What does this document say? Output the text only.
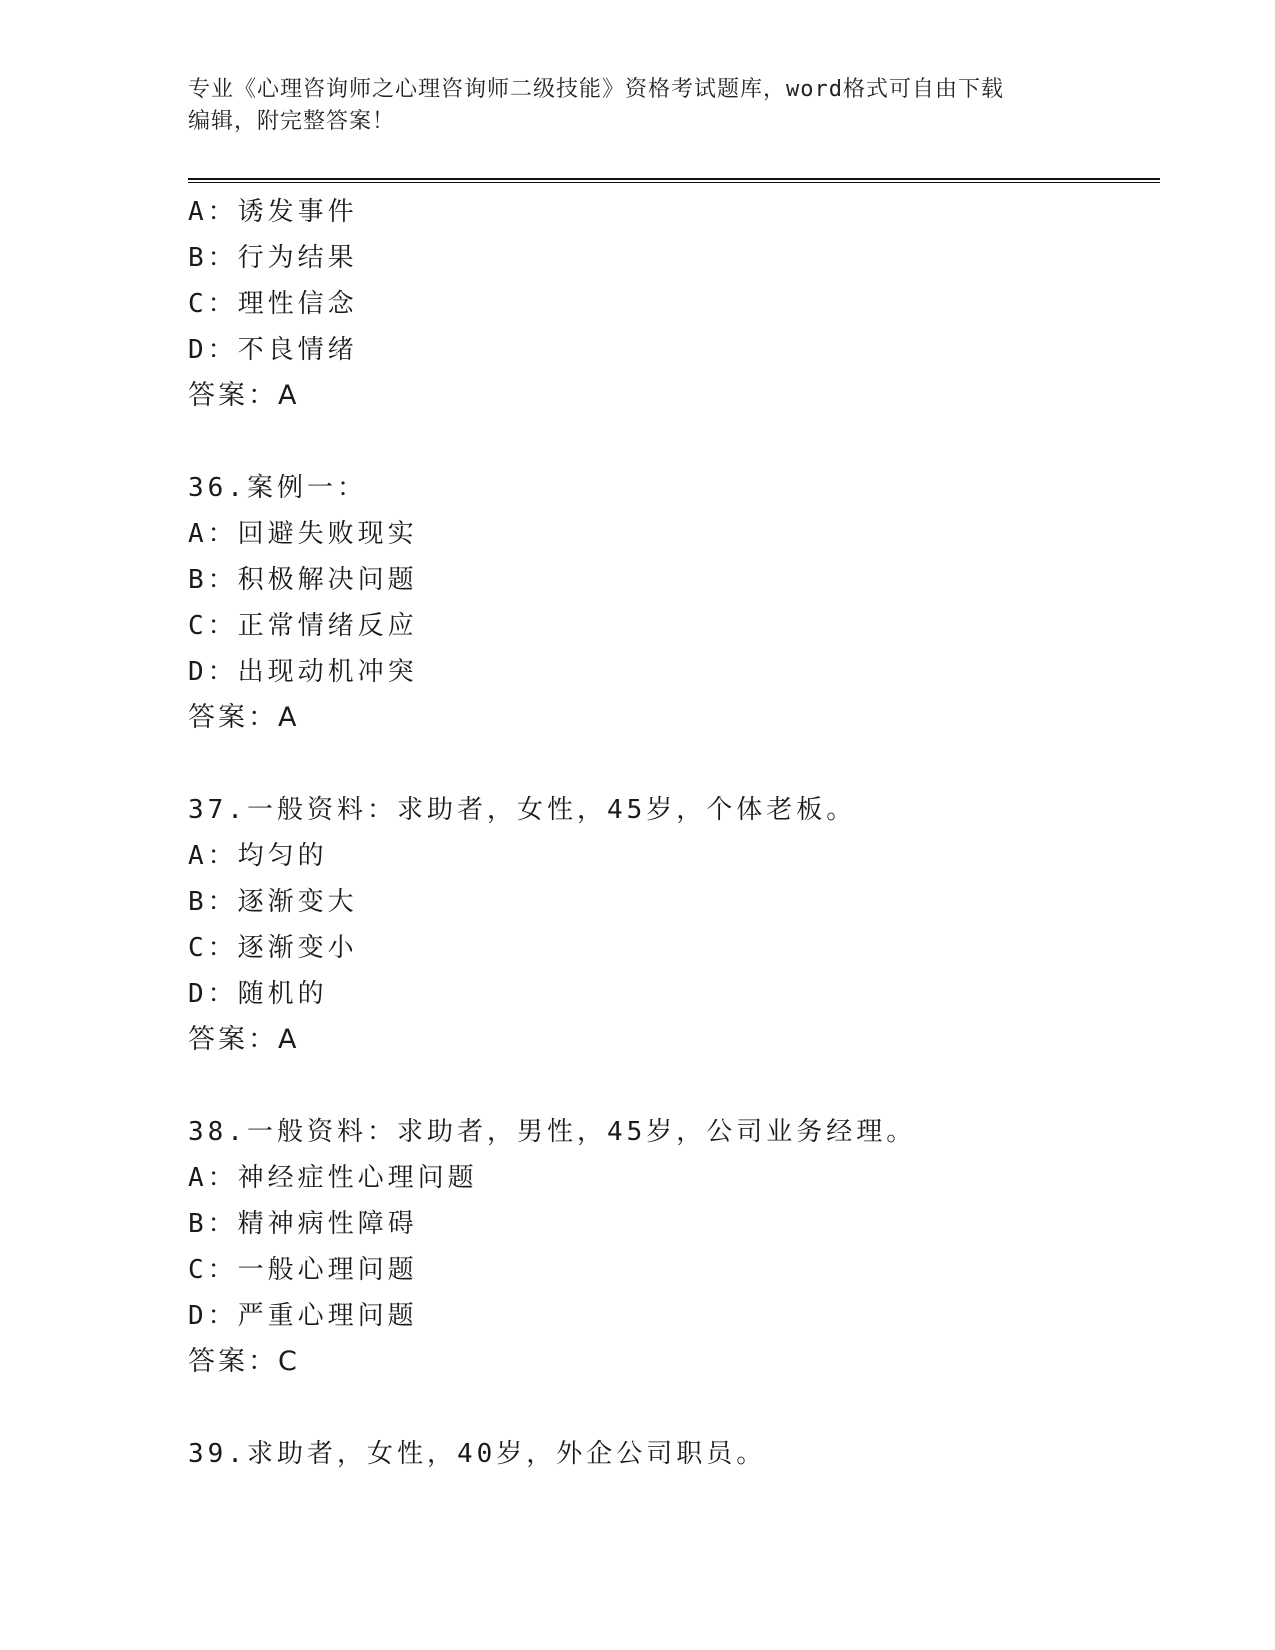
专业《心理咨询师之心理咨询师二级技能》资格考试题库，word格式可自由下载
编辑，附完整答案！
A：诱发事件
B：行为结果
C：理性信念
D：不良情绪
答案：A
36.案例一：
A：回避失败现实
B：积极解决问题
C：正常情绪反应
D：出现动机冲突
答案：A
37.一般资料：求助者，女性，45岁，个体老板。
A：均匀的
B：逐渐变大
C：逐渐变小
D：随机的
答案：A
38.一般资料：求助者，男性，45岁，公司业务经理。
A：神经症性心理问题
B：精神病性障碍
C：一般心理问题
D：严重心理问题
答案：C
39.求助者，女性，40岁，外企公司职员。
